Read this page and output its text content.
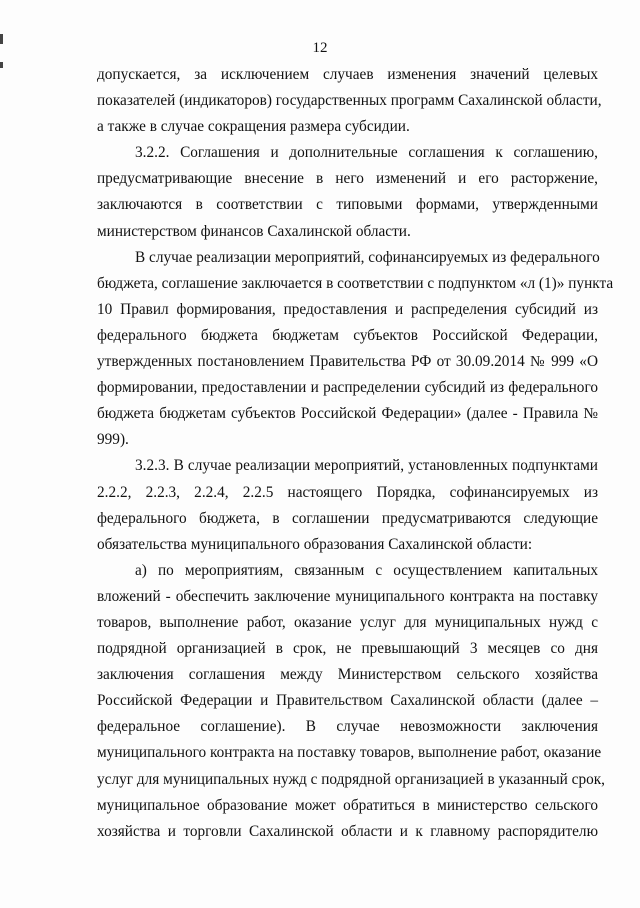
12
допускается, за исключением случаев изменения значений целевых
показателей (индикаторов) государственных программ Сахалинской области,
а также в случае сокращения размера субсидии.
3.2.2. Соглашения и дополнительные соглашения к соглашению,
предусматривающие внесение в него изменений и его расторжение,
заключаются в соответствии с типовыми формами, утвержденными
министерством финансов Сахалинской области.
В случае реализации мероприятий, софинансируемых из федерального
бюджета, соглашение заключается в соответствии с подпунктом «л (1)» пункта
10 Правил формирования, предоставления и распределения субсидий из
федерального бюджета бюджетам субъектов Российской Федерации,
утвержденных постановлением Правительства РФ от 30.09.2014 № 999 «О
формировании, предоставлении и распределении субсидий из федерального
бюджета бюджетам субъектов Российской Федерации» (далее - Правила №
999).
3.2.3. В случае реализации мероприятий, установленных подпунктами
2.2.2, 2.2.3, 2.2.4, 2.2.5 настоящего Порядка, софинансируемых из
федерального бюджета, в соглашении предусматриваются следующие
обязательства муниципального образования Сахалинской области:
а) по мероприятиям, связанным с осуществлением капитальных
вложений - обеспечить заключение муниципального контракта на поставку
товаров, выполнение работ, оказание услуг для муниципальных нужд с
подрядной организацией в срок, не превышающий 3 месяцев со дня
заключения соглашения между Министерством сельского хозяйства
Российской Федерации и Правительством Сахалинской области (далее –
федеральное соглашение). В случае невозможности заключения
муниципального контракта на поставку товаров, выполнение работ, оказание
услуг для муниципальных нужд с подрядной организацией в указанный срок,
муниципальное образование может обратиться в министерство сельского
хозяйства и торговли Сахалинской области и к главному распорядителю
